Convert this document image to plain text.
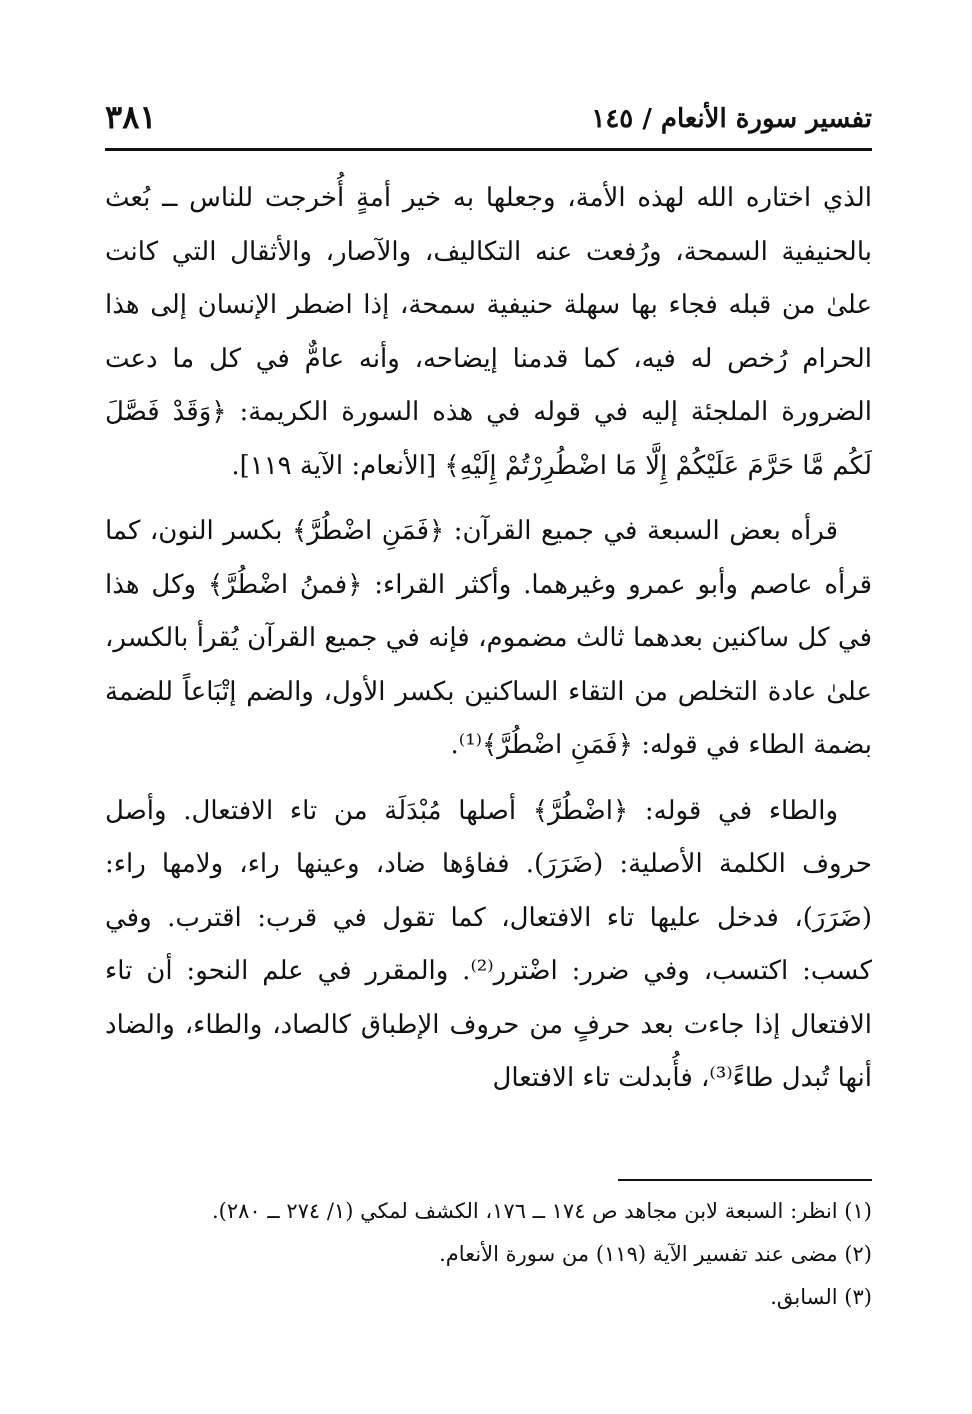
تفسير سورة الأنعام / ١٤٥
٣٨١

الذي اختاره الله لهذه الأمة، وجعلها به خير أمةٍ أُخرجت للناس ــ بُعث بالحنيفية السمحة، ورُفعت عنه التكاليف، والآصار، والأثقال التي كانت علىٰ من قبله فجاء بها سهلة حنيفية سمحة، إذا اضطر الإنسان إلى هذا الحرام رُخص له فيه، كما قدمنا إيضاحه، وأنه عامٌّ في كل ما دعت الضرورة الملجئة إليه في قوله في هذه السورة الكريمة: ﴿وَقَدْ فَصَّلَ لَكُم مَّا حَرَّمَ عَلَيْكُمْ إِلَّا مَا اضْطُرِرْتُمْ إِلَيْهِ﴾ [الأنعام: الآية ١١٩].

قرأه بعض السبعة في جميع القرآن: ﴿فَمَنِ اضْطُرَّ﴾ بكسر النون، كما قرأه عاصم وأبو عمرو وغيرهما. وأكثر القراء: ﴿فمنُ اضْطُرَّ﴾ وكل هذا في كل ساكنين بعدهما ثالث مضموم، فإنه في جميع القرآن يُقرأ بالكسر، علىٰ عادة التخلص من التقاء الساكنين بكسر الأول، والضم إتْبَاعاً للضمة بضمة الطاء في قوله: ﴿فَمَنِ اضْطُرَّ﴾⁽¹⁾.

والطاء في قوله: ﴿اضْطُرَّ﴾ أصلها مُبْدَلَة من تاء الافتعال. وأصل حروف الكلمة الأصلية: (ضَرَرَ). ففاؤها ضاد، وعينها راء، ولامها راء: (ضَرَرَ)، فدخل عليها تاء الافتعال، كما تقول في قرب: اقترب. وفي كسب: اكتسب، وفي ضرر: اضْترر⁽²⁾. والمقرر في علم النحو: أن تاء الافتعال إذا جاءت بعد حرفٍ من حروف الإطباق كالصاد، والطاء، والضاد أنها تُبدل طاءً⁽³⁾، فأُبدلت تاء الافتعال

(١) انظر: السبعة لابن مجاهد ص ١٧٤ ــ ١٧٦، الكشف لمكي (١/ ٢٧٤ ــ ٢٨٠).

(٢) مضى عند تفسير الآية (١١٩) من سورة الأنعام.

(٣) السابق.
